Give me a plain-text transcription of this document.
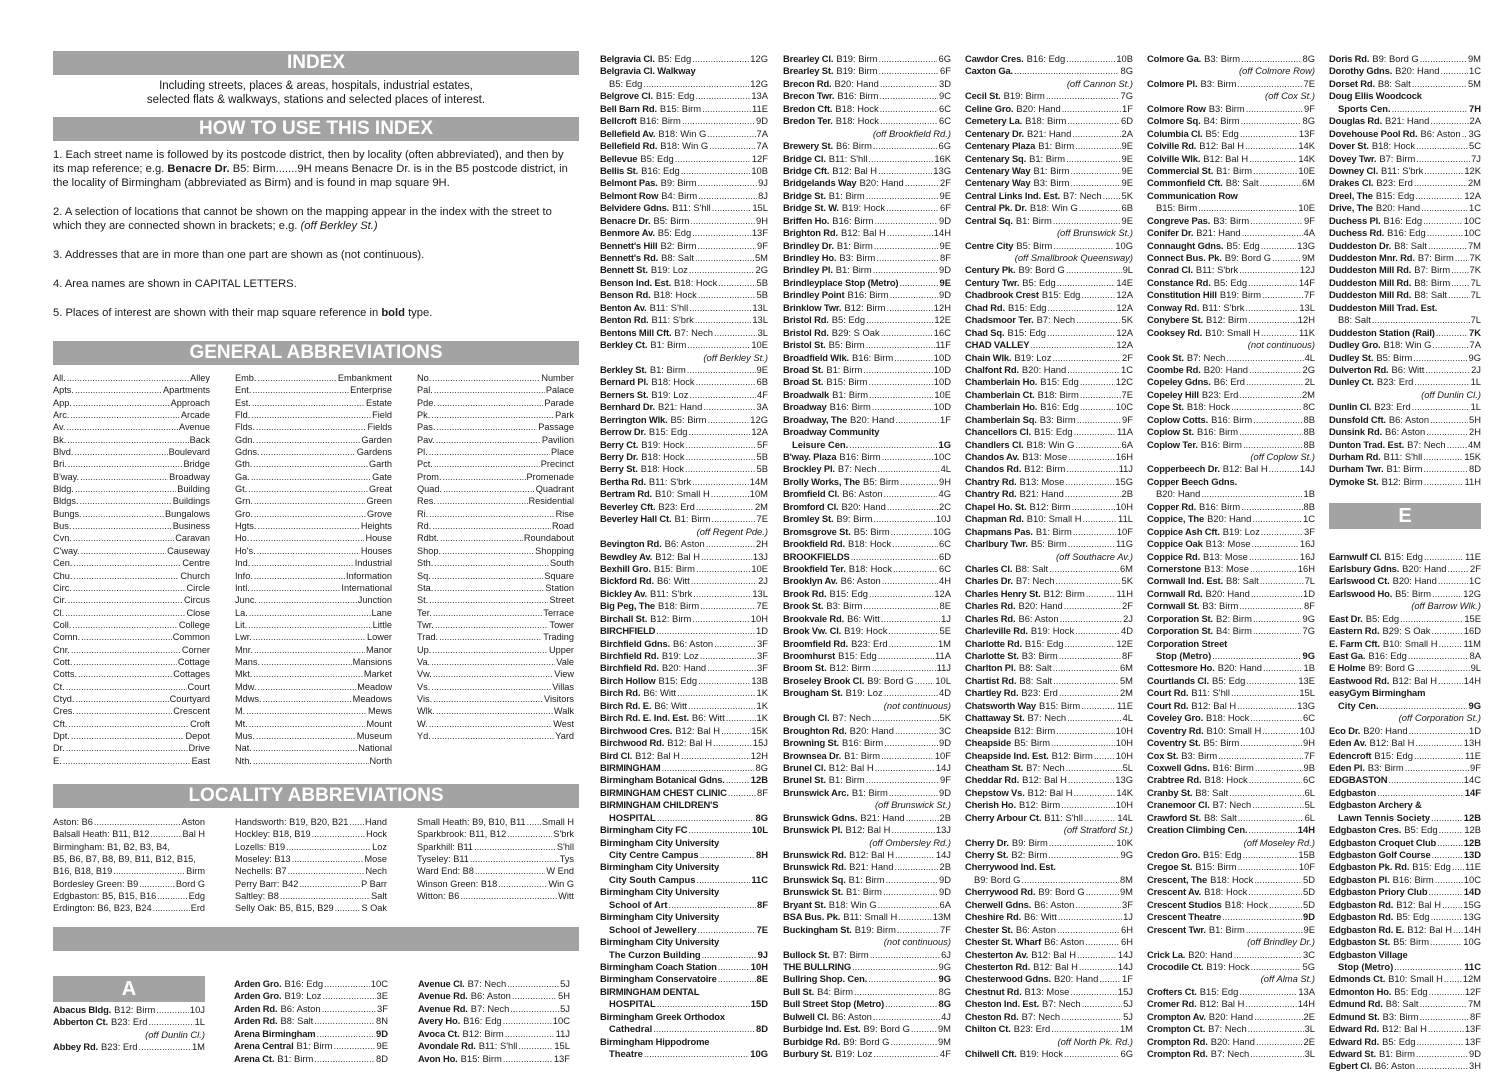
INDEX
Including streets, places & areas, hospitals, industrial estates,
selected flats & walkways, stations and selected places of interest.
HOW TO USE THIS INDEX

1. Each street name is followed by its postcode district, then by locality (often abbreviated), and then by its map reference; e.g. Benacre Dr. B5: Birm.......9H means Benacre Dr. is in the B5 postcode district, in the locality of Birmingham (abbreviated as Birm) and is found in map square 9H.

2. A selection of locations that cannot be shown on the mapping appear in the index with the street to which they are connected shown in brackets; e.g. (off Berkley St.)

3. Addresses that are in more than one part are shown as (not continuous).

4. Area names are shown in CAPITAL LETTERS.

5. Places of interest are shown with their map square reference in bold type.

GENERAL ABBREVIATIONS
All. .....	Alley
Apts. .....	Apartments
App. .....	Approach
Arc. .....	Arcade
Av. .....	Avenue
Bk. .....	Back
Blvd. .....	Boulevard
Bri. .....	Bridge
B'way. .....	Broadway
Bldg. .....	Building
Bldgs. .....	Buildings
Bungs. .....	Bungalows
Bus. .....	Business
Cvn. .....	Caravan
C'way. .....	Causeway
Cen. .....	Centre
Chu. .....	Church
Circ. .....	Circle
Cir. .....	Circus
Cl. .....	Close
Coll. .....	College
Comn. .....	Common
Cnr. .....	Corner
Cott. .....	Cottage
Cotts. .....	Cottages
Ct. .....	Court
Ctyd. .....	Courtyard
Cres. .....	Crescent
Cft. .....	Croft
Dpt. .....	Depot
Dr. .....	Drive
E. .....	East
Emb. .....	Embankment
Ent. .....	Enterprise
Est. .....	Estate
Fld. .....	Field
Flds. .....	Fields
Gdn. .....	Garden
Gdns. .....	Gardens
Gth. .....	Garth
Ga. .....	Gate
Gt. .....	Great
Grn. .....	Green
Gro. .....	Grove
Hgts. .....	Heights
Ho. .....	House
Ho's. .....	Houses
Ind. .....	Industrial
Info. .....	Information
Intl. .....	International
Junc. .....	Junction
La. .....	Lane
Lit. .....	Little
Lwr. .....	Lower
Mnr. .....	Manor
Mans. .....	Mansions
Mkt. .....	Market
Mdw. .....	Meadow
Mdws. .....	Meadows
M. .....	Mews
Mt. .....	Mount
Mus. .....	Museum
Nat. .....	National
Nth. .....	North
No. .....	Number
Pal. .....	Palace
Pde. .....	Parade
Pk. .....	Park
Pas. .....	Passage
Pav. .....	Pavilion
Pl. .....	Place
Pct. .....	Precinct
Prom. .....	Promenade
Quad. .....	Quadrant
Res. .....	Residential
Ri. .....	Rise
Rd. .....	Road
Rdbt. .....	Roundabout
Shop. .....	Shopping
Sth. .....	South
Sq. .....	Square
Sta. .....	Station
St. .....	Street
Ter. .....	Terrace
Twr. .....	Tower
Trad. .....	Trading
Up. .....	Upper
Va. .....	Vale
Vw. .....	View
Vs. .....	Villas
Vis. .....	Visitors
Wlk. .....	Walk
W. .....	West
Yd. .....	Yard
LOCALITY ABBREVIATIONS
Aston: B6 .....	Aston
Balsall Heath: B11, B12 .....	Bal H
Birmingham: B1, B2, B3, B4,
B5, B6, B7, B8, B9, B11, B12, B15,
B16, B18, B19 .....	Birm
Bordesley Green: B9 .....	Bord G
Edgbaston: B5, B15, B16 .....	Edg
Erdington: B6, B23, B24 .....	Erd
Handsworth: B19, B20, B21 ..... Hand
Hockley: B18, B19 .....	Hock
Lozells: B19 .....	Loz
Moseley: B13 .....	Mose
Nechells: B7 .....	Nech
Perry Barr: B42 .....	P Barr
Saltley: B8 .....	Salt
Selly Oak: B5, B15, B29 .....	S Oak
Small Heath: B9, B10, B11 ..... Small H
Sparkbrook: B11, B12 .....	S'brk
Sparkhill: B11 .....	S'hll
Tyseley: B11 .....	Tys
Ward End: B8 .....	W End
Winson Green: B18 .....	Win G
Witton: B6 .....	Witt
A
Abacus Bldg. B12: Birm .....	10J
Abberton Ct. B23: Erd .....	1L
(off Dunlin Cl.)
Abbey Rd. B23: Erd .....	1M
Arden Gro. B16: Edg .....	10C
Arden Gro. B19: Loz .....	3E
Arden Rd. B6: Aston .....	3F
Arden Rd. B8: Salt .....	8N
Arena Birmingham .....	9D
Arena Central B1: Birm .....	9E
Arena Ct. B1: Birm .....	8D
Avenue Cl. B7: Nech .....	5J
Avenue Rd. B6: Aston .....	5H
Avenue Rd. B7: Nech .....	5J
Avery Ho. B16: Edg .....	10C
Avoca Ct. B12: Birm .....	11J
Avondale Rd. B11: S'hll .....	15L
Avon Ho. B15: Birm .....	13F
Belgravia Cl. B5: Edg .....	12G
Belgravia Cl. Walkway
B5: Edg .....	12G
Belgrove Cl. B15: Edg .....	13A
Bell Barn Rd. B15: Birm .....	11E
Bellcroft B16: Birm .....	9D
Bellefield Av. B18: Win G .....	7A
Bellefield Rd. B18: Win G .....	7A
Bellevue B5: Edg .....	12F
Bellis St. B16: Edg .....	10B
Belmont Pas. B9: Birm .....	9J
Belmont Row B4: Birm .....	8J
Belvidere Gdns. B11: S'hll .....	15L
Benacre Dr. B5: Birm .....	9H
Benmore Av. B5: Edg .....	13F
Bennett's Hill B2: Birm .....	9F
Bennett's Rd. B8: Salt .....	5M
Bennett St. B19: Loz .....	2G
Benson Ind. Est. B18: Hock .....	5B
Benson Rd. B18: Hock .....	5B
Benton Av. B11: S'hll .....	13L
Benton Rd. B11: S'brk .....	13L
Bentons Mill Cft. B7: Nech .....	3L
Berkley Ct. B1: Birm .....	10E
(off Berkley St.)
Berkley St. B1: Birm .....	9E
Bernard Pl. B18: Hock .....	6B
Berners St. B19: Loz .....	4F
Bernhard Dr. B21: Hand .....	3A
Berrington Wlk. B5: Birm .....	12G
Berrow Dr. B15: Edg .....	12A
Berry Ct. B19: Hock .....	5F
Berry Dr. B18: Hock .....	5B
Berry St. B18: Hock .....	5B
Bertha Rd. B11: S'brk .....	14M
Bertram Rd. B10: Small H .....	10M
Beverley Cft. B23: Erd .....	2M
Beverley Hall Ct. B1: Birm .....	7E
(off Regent Pde.)
Bevington Rd. B6: Aston .....	2H
Bewdley Av. B12: Bal H .....	13J
Bexhill Gro. B15: Birm .....	10E
Bickford Rd. B6: Witt .....	2J
Bickley Av. B11: S'brk .....	13L
Big Peg, The B18: Birm .....	7E
Birchall St. B12: Birm .....	10H
BIRCHFIELD .....	1D
Birchfield Gdns. B6: Aston .....	3F
Birchfield Rd. B19: Loz .....	3F
Birchfield Rd. B20: Hand .....	3F
Birch Hollow B15: Edg .....	13B
Birch Rd. B6: Witt .....	1K
Birch Rd. E. B6: Witt .....	1K
Birch Rd. E. Ind. Est. B6: Witt .....	1K
Birchwood Cres. B12: Bal H .....	15K
Birchwood Rd. B12: Bal H .....	15J
Bird Cl. B12: Bal H .....	12H
BIRMINGHAM .....	8G
Birmingham Botanical Gdns. .....	12B
BIRMINGHAM CHEST CLINIC .....	8F
BIRMINGHAM CHILDREN'S
HOSPITAL .....	8G
Birmingham City FC .....	10L
Birmingham City University
City Centre Campus .....	8H
Birmingham City University
City South Campus .....	11C
Birmingham City University
School of Art .....	8F
Birmingham City University
School of Jewellery .....	7E
Birmingham City University
The Curzon Building .....	9J
Birmingham Coach Station .....	10H
Birmingham Conservatoire .....	8E
BIRMINGHAM DENTAL
HOSPITAL .....	15D
Birmingham Greek Orthodox
Cathedral .....	8D
Birmingham Hippodrome
Theatre .....	10G
Brearley Cl. B19: Birm .....	6G
Brearley St. B19: Birm .....	6F
Brecon Rd. B20: Hand .....	3D
Brecon Twr. B16: Birm .....	9C
Bredon Cft. B18: Hock .....	6C
Bredon Ter. B18: Hock .....	6C
(off Brookfield Rd.)
Brewery St. B6: Birm .....	6G
Bridge Cl. B11: S'hll .....	16K
Bridge Cft. B12: Bal H .....	13G
Bridgelands Way B20: Hand .....	2F
Bridge St. B1: Birm .....	9E
Bridge St. W. B19: Hock .....	6F
Briffen Ho. B16: Birm .....	9D
Brighton Rd. B12: Bal H .....	14H
Brindley Dr. B1: Birm .....	9E
Brindley Ho. B3: Birm .....	8F
Brindley Pl. B1: Birm .....	9D
Brindleyplace Stop (Metro) .....	9E
Brindley Point B16: Birm .....	9D
Brinklow Twr. B12: Birm .....	12H
Bristol Rd. B5: Edg .....	12E
Bristol Rd. B29: S Oak .....	16C
Bristol St. B5: Birm .....	11F
Broadfield Wlk. B16: Birm .....	10D
Broad St. B1: Birm .....	10D
Broad St. B15: Birm .....	10D
Broadwalk B1: Birm .....	10E
Broadway B16: Birm .....	10D
Broadway, The B20: Hand .....	1F
Broadway Community
Leisure Cen. .....	1G
B'way. Plaza B16: Birm .....	10C
Brockley Pl. B7: Nech .....	4L
Brolly Works, The B5: Birm .....	9H
Bromfield Cl. B6: Aston .....	4G
Bromford Cl. B20: Hand .....	2C
Bromley St. B9: Birm .....	10J
Bromsgrove St. B5: Birm .....	10G
Brookfield Rd. B18: Hock .....	6C
BROOKFIELDS .....	6D
Brookfield Ter. B18: Hock .....	6C
Brooklyn Av. B6: Aston .....	4H
Brook Rd. B15: Edg .....	12A
Brook St. B3: Birm .....	8E
Brookvale Rd. B6: Witt .....	1J
Brook Vw. Cl. B19: Hock .....	5E
Broomfield Rd. B23: Erd .....	1M
Broomhurst B15: Edg .....	11A
Broom St. B12: Birm .....	11J
Broseley Brook Cl. B9: Bord G ..... 10L
Brougham St. B19: Loz .....	4D
(not continuous)
Brough Cl. B7: Nech .....	5K
Broughton Rd. B20: Hand .....	3C
Browning St. B16: Birm .....	9D
Brownsea Dr. B1: Birm .....	10F
Brunel Cl. B12: Bal H .....	14J
Brunel St. B1: Birm .....	9F
Brunswick Arc. B1: Birm .....	9D
(off Brunswick St.)
Brunswick Gdns. B21: Hand .....	2B
Brunswick Pl. B12: Bal H .....	13J
(off Ombersley Rd.)
Brunswick Rd. B12: Bal H .....	14J
Brunswick Rd. B21: Hand .....	2B
Brunswick Sq. B1: Birm .....	9D
Brunswick St. B1: Birm .....	9D
Bryant St. B18: Win G .....	6A
BSA Bus. Pk. B11: Small H .....	13M
Buckingham St. B19: Birm .....	7F
(not continuous)
Bullock St. B7: Birm .....	6J
THE BULLRING .....	9G
Bullring Shop. Cen. .....	9G
Bull St. B4: Birm .....	8G
Bull Street Stop (Metro) .....	8G
Bulwell Cl. B6: Aston .....	4J
Burbidge Ind. Est. B9: Bord G .....	9M
Burbidge Rd. B9: Bord G .....	9M
Burbury St. B19: Loz .....	4F
Cawdor Cres. B16: Edg .....	10B
Caxton Ga. .....	8G
(off Cannon St.)
Cecil St. B19: Birm .....	7G
Celine Gro. B20: Hand .....	1F
Cemetery La. B18: Birm .....	6D
Centenary Dr. B21: Hand .....	2A
Centenary Plaza B1: Birm .....	9E
Centenary Sq. B1: Birm .....	9E
Centenary Way B1: Birm .....	9E
Centenary Way B3: Birm .....	9E
Central Links Ind. Est. B7: Nech ..... 5K
Central Pk. Dr. B18: Win G .....	6B
Central Sq. B1: Birm .....	9E
(off Brunswick St.)
Centre City B5: Birm .....	10G
(off Smallbrook Queensway)
Century Pk. B9: Bord G .....	9L
Century Twr. B5: Edg .....	14E
Chadbrook Crest B15: Edg .....	12A
Chad Rd. B15: Edg .....	12A
Chadsmoor Ter. B7: Nech .....	5K
Chad Sq. B15: Edg .....	12A
CHAD VALLEY .....	12A
Chain Wlk. B19: Loz .....	2F
Chalfont Rd. B20: Hand .....	1C
Chamberlain Ho. B15: Edg .....	12C
Chamberlain Ct. B18: Birm .....	7E
Chamberlain Ho. B16: Edg .....	10C
Chamberlain Sq. B3: Birm .....	9F
Chancellors Cl. B15: Edg .....	11A
Chandlers Cl. B18: Win G .....	6A
Chandos Av. B13: Mose .....	16H
Chandos Rd. B12: Birm .....	11J
Chantry Rd. B13: Mose .....	15G
Chantry Rd. B21: Hand .....	2B
Chapel Ho. St. B12: Birm .....	10H
Chapman Rd. B10: Small H .....	11L
Chapmans Pas. B1: Birm .....	10F
Charlbury Twr. B5: Birm .....	11G
(off Southacre Av.)
Charles Cl. B8: Salt .....	6M
Charles Dr. B7: Nech .....	5K
Charles Henry St. B12: Birm .....	11H
Charles Rd. B20: Hand .....	2F
Charles Rd. B6: Aston .....	2J
Charleville Rd. B19: Hock .....	4D
Charlotte Rd. B15: Edg .....	12E
Charlotte St. B3: Birm .....	8F
Charlton Pl. B8: Salt .....	6M
Chartist Rd. B8: Salt .....	5M
Chartley Rd. B23: Erd .....	2M
Chatsworth Way B15: Birm .....	11E
Chattaway St. B7: Nech .....	4L
Cheapside B12: Birm .....	10H
Cheapside B5: Birm .....	10H
Cheapside Ind. Est. B12: Birm ..... 10H
Cheatham St. B7: Nech .....	5L
Cheddar Rd. B12: Bal H .....	13G
Chepstow Vs. B12: Bal H .....	14K
Cherish Ho. B12: Birm .....	10H
Cherry Arbour Ct. B11: S'hll .....	14L
(off Stratford St.)
Cherry Dr. B9: Birm .....	10K
Cherry St. B2: Birm .....	9G
Cherrywood Ind. Est.
B9: Bord G .....	8M
Cherrywood Rd. B9: Bord G .....	9M
Cherwell Gdns. B6: Aston .....	3F
Cheshire Rd. B6: Witt .....	1J
Chester St. B6: Aston .....	6H
Chester St. Wharf B6: Aston .....	6H
Chesterton Av. B12: Bal H .....	14J
Chesterton Rd. B12: Bal H .....	14J
Chesterwood Gdns. B20: Hand .....	1F
Chestnut Rd. B13: Mose .....	15J
Cheston Ind. Est. B7: Nech .....	5J
Cheston Rd. B7: Nech .....	5J
Chilton Ct. B23: Erd .....	1M
(off North Pk. Rd.)
Chilwell Cft. B19: Hock .....	6G
Colmore Ga. B3: Birm .....	8G
(off Colmore Row)
Colmore Pl. B3: Birm .....	7E
(off Cox St.)
Colmore Row B3: Birm .....	9F
Colmore Sq. B4: Birm .....	8G
Columbia Cl. B5: Edg .....	13F
Colville Rd. B12: Bal H .....	14K
Colville Wlk. B12: Bal H .....	14K
Commercial St. B1: Birm .....	10E
Commonfield Cft. B8: Salt .....	6M
Communication Row
B15: Birm .....	10E
Congreve Pas. B3: Birm .....	9F
Conifer Dr. B21: Hand .....	4A
Connaught Gdns. B5: Edg .....	13G
Connect Bus. Pk. B9: Bord G .....	9M
Conrad Cl. B11: S'brk .....	12J
Constance Rd. B5: Edg .....	14F
Constitution Hill B19: Birm .....	7F
Conway Rd. B11: S'brk .....	13L
Conybere St. B12: Birm .....	12H
Cooksey Rd. B10: Small H .....	11K
(not continuous)
Cook St. B7: Nech .....	4L
Coombe Rd. B20: Hand .....	2G
Copeley Gdns. B6: Erd .....	2L
Copeley Hill B23: Erd .....	2M
Cope St. B18: Hock .....	8C
Coplow Cotts. B16: Birm .....	8B
Coplow St. B16: Birm .....	8B
Coplow Ter. B16: Birm .....	8B
(off Coplow St.)
Copperbeech Dr. B12: Bal H .....	14J
Copper Beech Gdns.
B20: Hand .....	1B
Copper Rd. B16: Birm .....	8B
Coppice, The B20: Hand .....	1C
Coppice Ash Cft. B19: Loz .....	3F
Coppice Oak B13: Mose .....	16J
Coppice Rd. B13: Mose .....	16J
Cornerstone B13: Mose .....	16H
Cornwall Ind. Est. B8: Salt .....	7L
Cornwall Rd. B20: Hand .....	1D
Cornwall St. B3: Birm .....	8F
Corporation St. B2: Birm .....	9G
Corporation St. B4: Birm .....	7G
Corporation Street
Stop (Metro) .....	9G
Cottesmore Ho. B20: Hand .....	1B
Courtlands Cl. B5: Edg .....	13E
Court Rd. B11: S'hll .....	15L
Court Rd. B12: Bal H .....	13G
Coveley Gro. B18: Hock .....	6C
Coventry Rd. B10: Small H .....	10J
Coventry St. B5: Birm .....	9H
Cox St. B3: Birm .....	7F
Coxwell Gdns. B16: Birm .....	9B
Crabtree Rd. B18: Hock .....	6C
Cranby St. B8: Salt .....	6L
Cranemoor Cl. B7: Nech .....	5L
Crawford St. B8: Salt .....	6L
Creation Climbing Cen. .....	14H
(off Moseley Rd.)
Credon Gro. B15: Edg .....	15B
Cregoe St. B15: Birm .....	10F
Crescent, The B18: Hock .....	5D
Crescent Av. B18: Hock .....	5D
Crescent Studios B18: Hock .....	5D
Crescent Theatre .....	9D
Crescent Twr. B1: Birm .....	9E
(off Brindley Dr.)
Crick La. B20: Hand .....	3C
Crocodile Ct. B19: Hock .....	5G
(off Alma St.)
Crofters Ct. B15: Edg .....	13A
Cromer Rd. B12: Bal H .....	14H
Crompton Av. B20: Hand .....	2E
Crompton Ct. B7: Nech .....	3L
Crompton Rd. B20: Hand .....	2E
Crompton Rd. B7: Nech .....	3L
Doris Rd. B9: Bord G .....	9M
Dorothy Gdns. B20: Hand .....	1C
Dorset Rd. B8: Salt .....	5M
Doug Ellis Woodcock
Sports Cen. .....	7H
Douglas Rd. B21: Hand .....	2A
Dovehouse Pool Rd. B6: Aston ..... 3G
Dover St. B18: Hock .....	5C
Dovey Twr. B7: Birm .....	7J
Downey Cl. B11: S'brk .....	12K
Drakes Cl. B23: Erd .....	2M
Dreel, The B15: Edg .....	12A
Drive, The B20: Hand .....	1C
Duchess Pl. B16: Edg .....	10C
Duchess Rd. B16: Edg .....	10C
Duddeston Dr. B8: Salt .....	7M
Duddeston Mnr. Rd. B7: Birm ..... 7K
Duddeston Mill Rd. B7: Birm ..... 7K
Duddeston Mill Rd. B8: Birm ..... 7L
Duddeston Mill Rd. B8: Salt .....	7L
Duddeston Mill Trad. Est.
B8: Salt .....	7L
Duddeston Station (Rail) .....	7K
Dudley Gro. B18: Win G .....	7A
Dudley St. B5: Birm .....	9G
Dulverton Rd. B6: Witt .....	2J
Dunley Ct. B23: Erd .....	1L
(off Dunlin Cl.)
Dunlin Cl. B23: Erd .....	1L
Dunsfold Cft. B6: Aston .....	5H
Dunsink Rd. B6: Aston .....	2H
Dunton Trad. Est. B7: Nech ..... 4M
Durham Rd. B11: S'hll .....	15K
Durham Twr. B1: Birm .....	8D
Dymoke St. B12: Birm .....	11H
Earnwulf Cl. B15: Edg .....	11E
Earlsbury Gdns. B20: Hand .....	2F
Earlswood Ct. B20: Hand .....	1C
Earlswood Ho. B5: Birm .....	12G
(off Barrow Wlk.)
East Dr. B5: Edg .....	15E
Eastern Rd. B29: S Oak .....	16D
E. Farm Cft. B10: Small H .....	11M
East Ga. B16: Edg .....	8A
E Holme B9: Bord G .....	9L
Eastwood Rd. B12: Bal H .....	14H
easyGym Birmingham
City Cen. .....	9G
(off Corporation St.)
Eco Dr. B20: Hand .....	1D
Eden Av. B12: Bal H .....	13H
Edencroft B15: Edg .....	11E
Eden Pl. B3: Birm .....	9F
EDGBASTON .....	14C
Edgbaston .....	14F
Edgbaston Archery &
Lawn Tennis Society .....	12B
Edgbaston Cres. B5: Edg .....	12B
Edgbaston Croquet Club .....	12B
Edgbaston Golf Course .....	13D
Edgbaston Pk. Rd. B15: Edg ..... 11E
Edgbaston Pl. B16: Birm .....	10C
Edgbaston Priory Club .....	14D
Edgbaston Rd. B12: Bal H ..... 15G
Edgbaston Rd. B5: Edg .....	13G
Edgbaston Rd. E. B12: Bal H ..... 14H
Edgbaston St. B5: Birm .....	10G
Edgbaston Village
Stop (Metro) .....	11C
Edmonds Ct. B10: Small H ..... 12M
Edmonton Ho. B5: Edg .....	12F
Edmund Rd. B8: Salt .....	7M
Edmund St. B3: Birm .....	8F
Edward Rd. B12: Bal H .....	13F
Edward Rd. B5: Edg .....	13F
Edward St. B1: Birm .....	9D
Egbert Cl. B6: Aston .....	3H
E
